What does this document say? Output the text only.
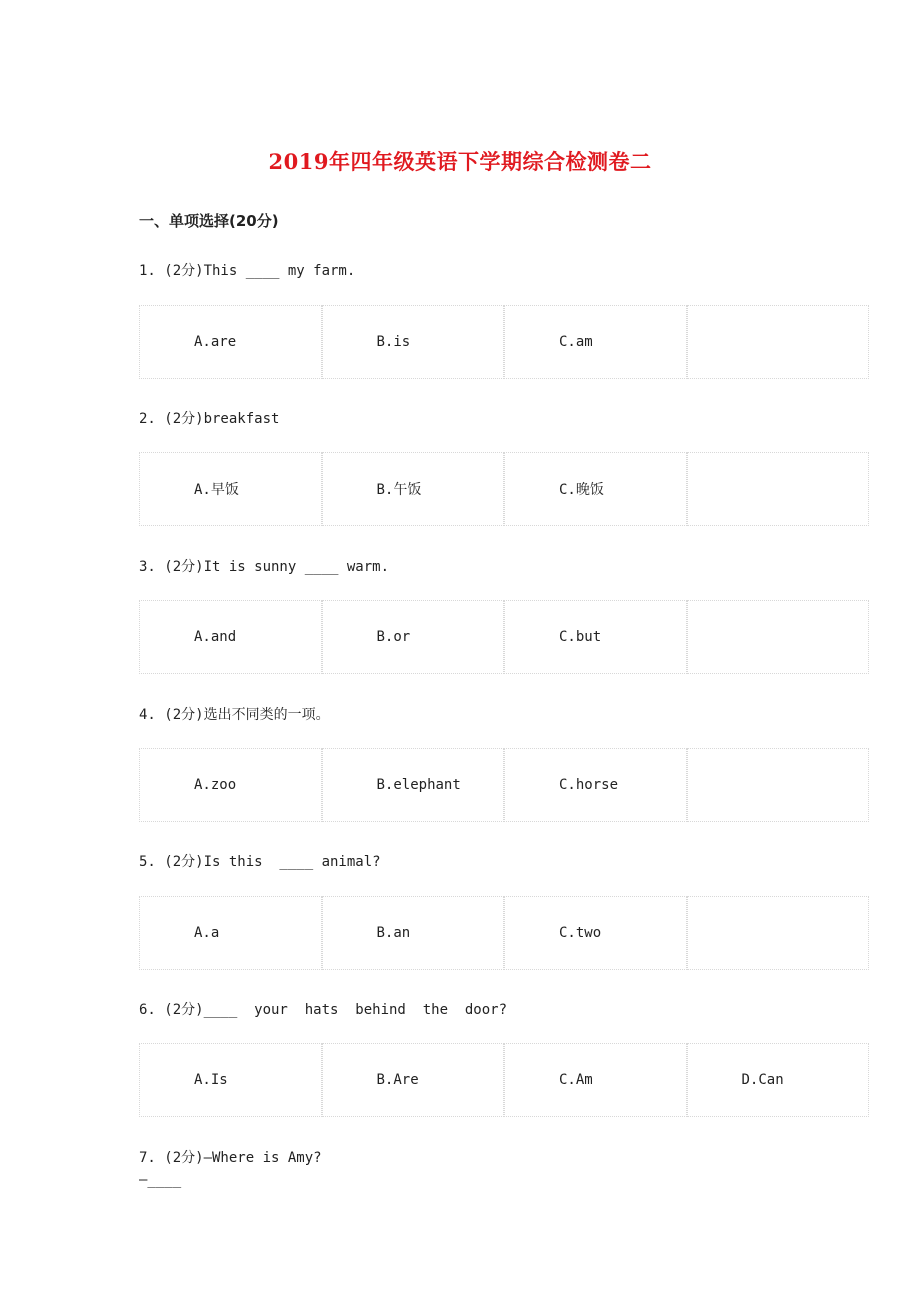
2019年四年级英语下学期综合检测卷二
一、单项选择(20分)
1. (2分)This ____ my farm.
A.are	B.is	C.am
2. (2分)breakfast
A.早饭	B.午饭	C.晚饭
3. (2分)It is sunny ____ warm.
A.and	B.or	C.but
4. (2分)选出不同类的一项。
A.zoo	B.elephant	C.horse
5. (2分)Is this  ____ animal?
A.a	B.an	C.two
6. (2分)____  your  hats  behind  the  door?
A.Is	B.Are	C.Am	D.Can
7. (2分)—Where is Amy?
—____
